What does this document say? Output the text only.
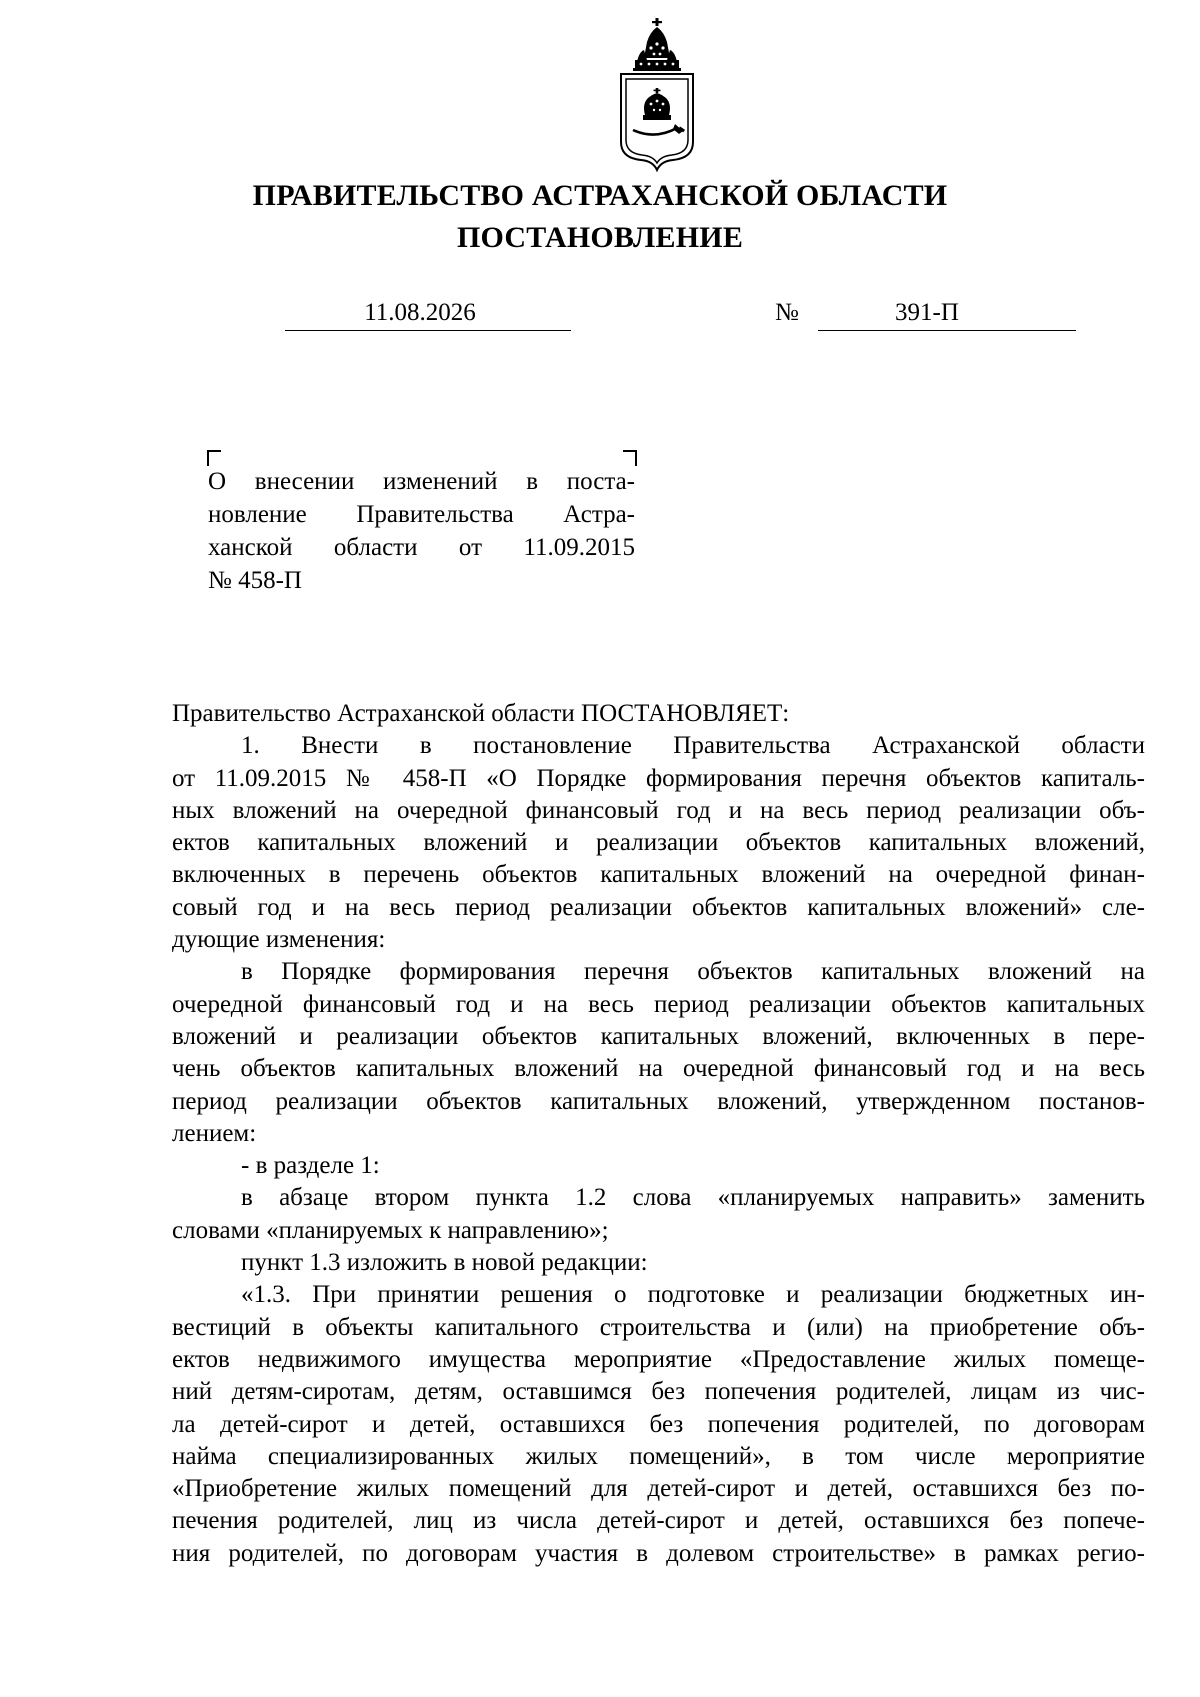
ПРАВИТЕЛЬСТВО АСТРАХАНСКОЙ ОБЛАСТИ
ПОСТАНОВЛЕНИЕ
11.08.2026	№	391-П

О внесении изменений в поста-

новление Правительства Астра-

ханской области от 11.09.2015

№ 458-П

Правительство Астраханской области ПОСТАНОВЛЯЕТ:
1. Внести в постановление Правительства Астраханской области
от 11.09.2015 № 458-П «О Порядке формирования перечня объектов капиталь-
ных вложений на очередной финансовый год и на весь период реализации объ-
ектов капитальных вложений и реализации объектов капитальных вложений,
включенных в перечень объектов капитальных вложений на очередной финан-
совый год и на весь период реализации объектов капитальных вложений» сле-
дующие изменения:
в Порядке формирования перечня объектов капитальных вложений на
очередной финансовый год и на весь период реализации объектов капитальных
вложений и реализации объектов капитальных вложений, включенных в пере-
чень объектов капитальных вложений на очередной финансовый год и на весь
период реализации объектов капитальных вложений, утвержденном постанов-
лением:
- в разделе 1:
в абзаце втором пункта 1.2 слова «планируемых направить» заменить
словами «планируемых к направлению»;
пункт 1.3 изложить в новой редакции:
«1.3. При принятии решения о подготовке и реализации бюджетных ин-
вестиций в объекты капитального строительства и (или) на приобретение объ-
ектов недвижимого имущества мероприятие «Предоставление жилых помеще-
ний детям-сиротам, детям, оставшимся без попечения родителей, лицам из чис-
ла детей-сирот и детей, оставшихся без попечения родителей, по договорам
найма специализированных жилых помещений», в том числе мероприятие
«Приобретение жилых помещений для детей-сирот и детей, оставшихся без по-
печения родителей, лиц из числа детей-сирот и детей, оставшихся без попече-
ния родителей, по договорам участия в долевом строительстве» в рамках регио-
